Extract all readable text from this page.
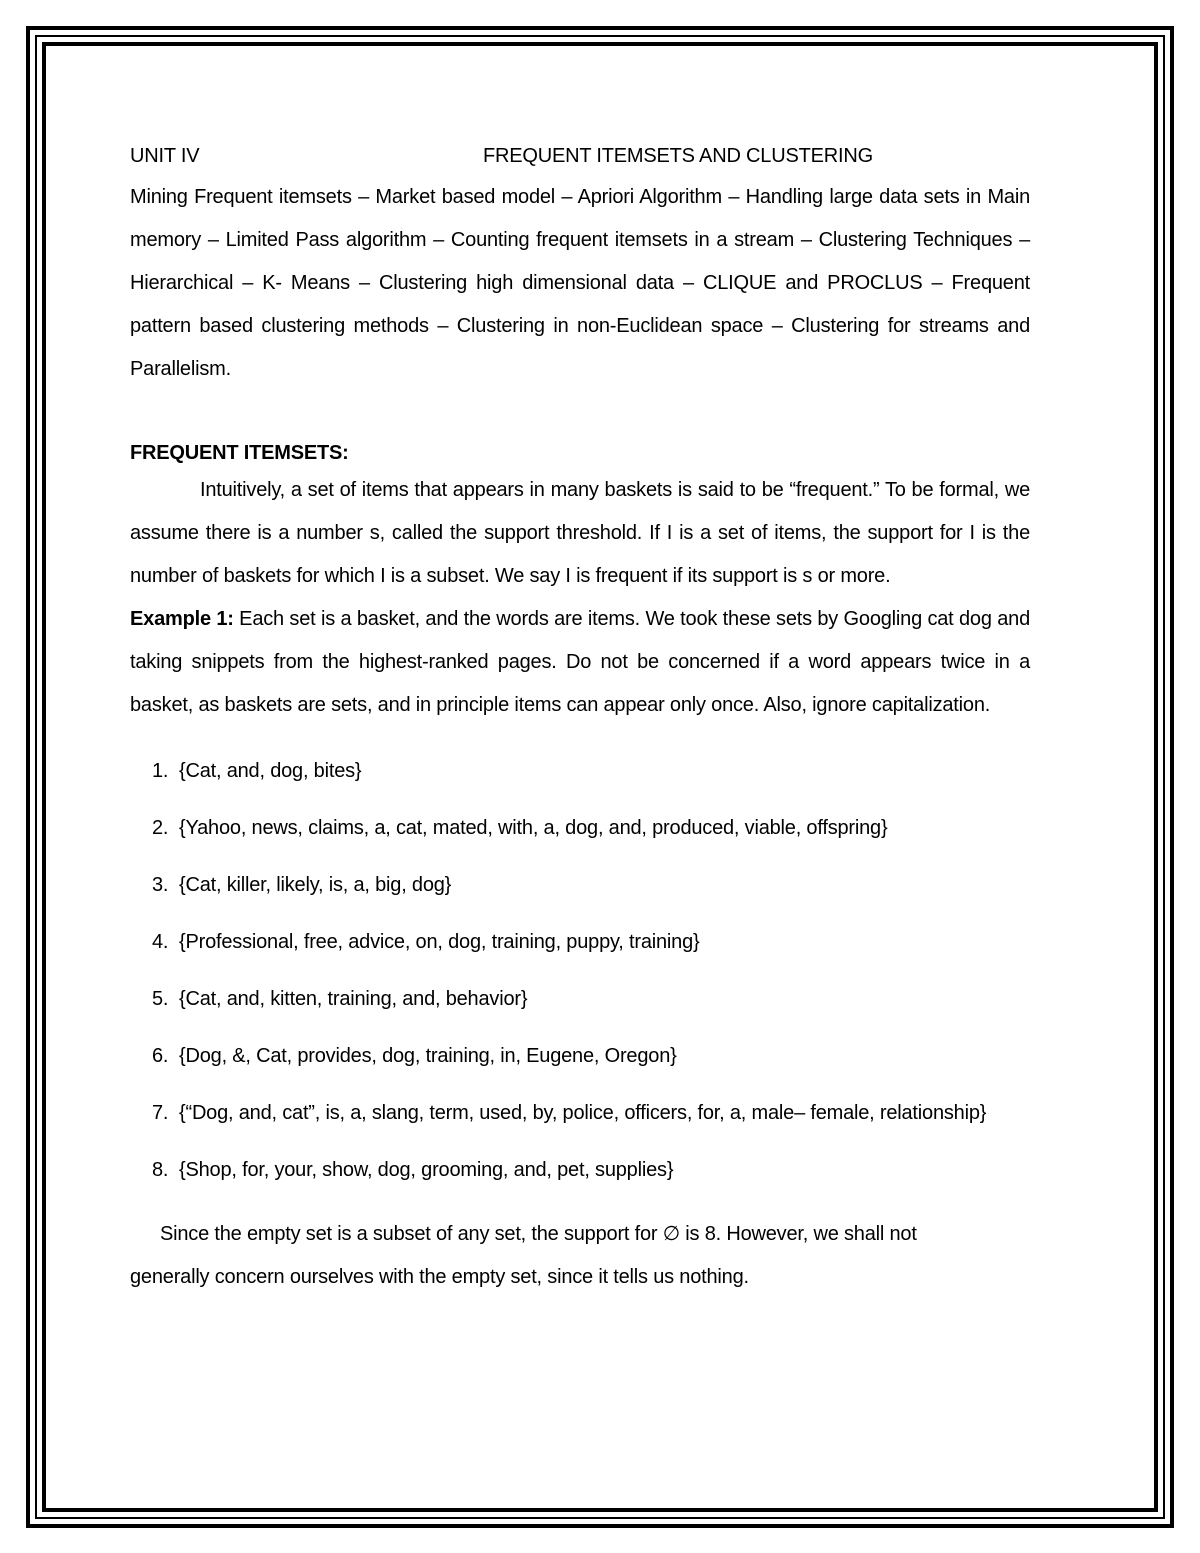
UNIT IV	FREQUENT ITEMSETS AND CLUSTERING

Mining Frequent itemsets – Market based model – Apriori Algorithm – Handling large data sets in Main memory – Limited Pass algorithm – Counting frequent itemsets in a stream – Clustering Techniques – Hierarchical – K- Means – Clustering high dimensional data – CLIQUE and PROCLUS – Frequent pattern based clustering methods – Clustering in non-Euclidean space – Clustering for streams and Parallelism.

FREQUENT ITEMSETS:

Intuitively, a set of items that appears in many baskets is said to be “frequent.” To be formal, we assume there is a number s, called the support threshold. If I is a set of items, the support for I is the number of baskets for which I is a subset. We say I is frequent if its support is s or more.

Example 1: Each set is a basket, and the words are items. We took these sets by Googling cat dog and taking snippets from the highest-ranked pages. Do not be concerned if a word appears twice in a basket, as baskets are sets, and in principle items can appear only once. Also, ignore capitalization.

1. {Cat, and, dog, bites}
2. {Yahoo, news, claims, a, cat, mated, with, a, dog, and, produced, viable, offspring}
3. {Cat, killer, likely, is, a, big, dog}
4. {Professional, free, advice, on, dog, training, puppy, training}
5. {Cat, and, kitten, training, and, behavior}
6. {Dog, &, Cat, provides, dog, training, in, Eugene, Oregon}
7. {“Dog, and, cat”, is, a, slang, term, used, by, police, officers, for, a, male– female, relationship}
8. {Shop, for, your, show, dog, grooming, and, pet, supplies}
Since the empty set is a subset of any set, the support for ∅ is 8. However, we shall not
generally concern ourselves with the empty set, since it tells us nothing.
